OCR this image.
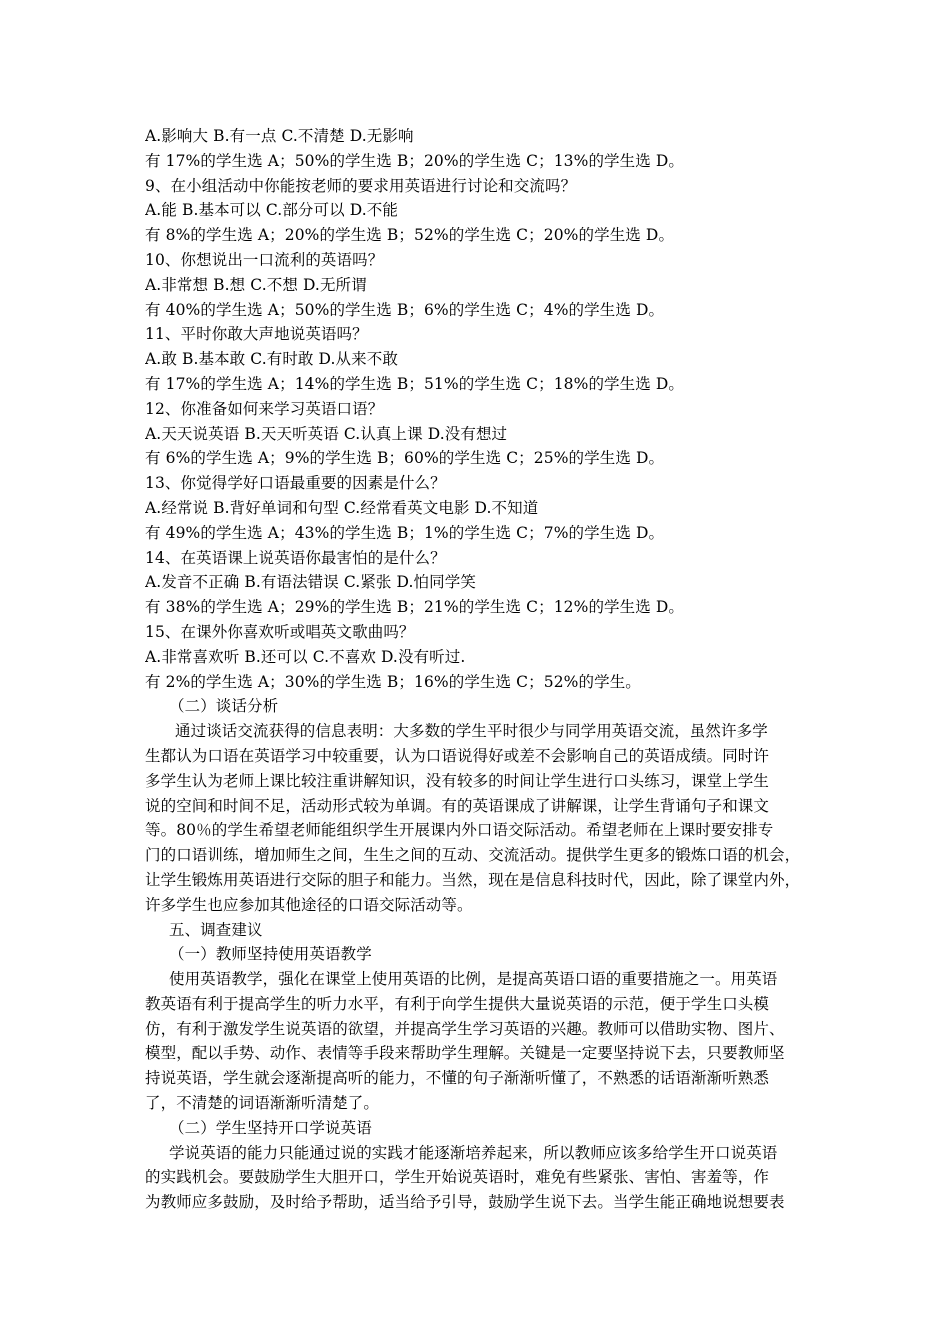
A.影响大 B.有一点 C.不清楚 D.无影响
有 17%的学生选 A；50%的学生选 B；20%的学生选 C；13%的学生选 D。
9、在小组活动中你能按老师的要求用英语进行讨论和交流吗？
A.能 B.基本可以 C.部分可以 D.不能
有 8%的学生选 A；20%的学生选 B；52%的学生选 C；20%的学生选 D。
10、你想说出一口流利的英语吗？
A.非常想 B.想 C.不想 D.无所谓
有 40%的学生选 A；50%的学生选 B；6%的学生选 C；4%的学生选 D。
11、平时你敢大声地说英语吗？
A.敢 B.基本敢 C.有时敢 D.从来不敢
有 17%的学生选 A；14%的学生选 B；51%的学生选 C；18%的学生选 D。
12、你准备如何来学习英语口语？
A.天天说英语 B.天天听英语 C.认真上课 D.没有想过
有 6%的学生选 A；9%的学生选 B；60%的学生选 C；25%的学生选 D。
13、你觉得学好口语最重要的因素是什么？
A.经常说 B.背好单词和句型 C.经常看英文电影 D.不知道
有 49%的学生选 A；43%的学生选 B；1%的学生选 C；7%的学生选 D。
14、在英语课上说英语你最害怕的是什么？
A.发音不正确 B.有语法错误 C.紧张 D.怕同学笑
有 38%的学生选 A；29%的学生选 B；21%的学生选 C；12%的学生选 D。
15、在课外你喜欢听或唱英文歌曲吗？
A.非常喜欢听 B.还可以 C.不喜欢 D.没有听过.
有 2%的学生选 A；30%的学生选 B；16%的学生选 C；52%的学生。
（二）谈话分析
通过谈话交流获得的信息表明：大多数的学生平时很少与同学用英语交流，虽然许多学
生都认为口语在英语学习中较重要，认为口语说得好或差不会影响自己的英语成绩。同时许
多学生认为老师上课比较注重讲解知识，没有较多的时间让学生进行口头练习，课堂上学生
说的空间和时间不足，活动形式较为单调。有的英语课成了讲解课，让学生背诵句子和课文
等。80％的学生希望老师能组织学生开展课内外口语交际活动。希望老师在上课时要安排专
门的口语训练，增加师生之间，生生之间的互动、交流活动。提供学生更多的锻炼口语的机会，
让学生锻炼用英语进行交际的胆子和能力。当然，现在是信息科技时代，因此，除了课堂内外，
许多学生也应参加其他途径的口语交际活动等。
五、调查建议
（一）教师坚持使用英语教学
使用英语教学，强化在课堂上使用英语的比例，是提高英语口语的重要措施之一。用英语
教英语有利于提高学生的听力水平，有利于向学生提供大量说英语的示范，便于学生口头模
仿，有利于激发学生说英语的欲望，并提高学生学习英语的兴趣。教师可以借助实物、图片、
模型，配以手势、动作、表情等手段来帮助学生理解。关键是一定要坚持说下去，只要教师坚
持说英语，学生就会逐渐提高听的能力，不懂的句子渐渐听懂了，不熟悉的话语渐渐听熟悉
了，不清楚的词语渐渐听清楚了。
（二）学生坚持开口学说英语
学说英语的能力只能通过说的实践才能逐渐培养起来，所以教师应该多给学生开口说英语
的实践机会。要鼓励学生大胆开口，学生开始说英语时，难免有些紧张、害怕、害羞等，作
为教师应多鼓励，及时给予帮助，适当给予引导，鼓励学生说下去。当学生能正确地说想要表
